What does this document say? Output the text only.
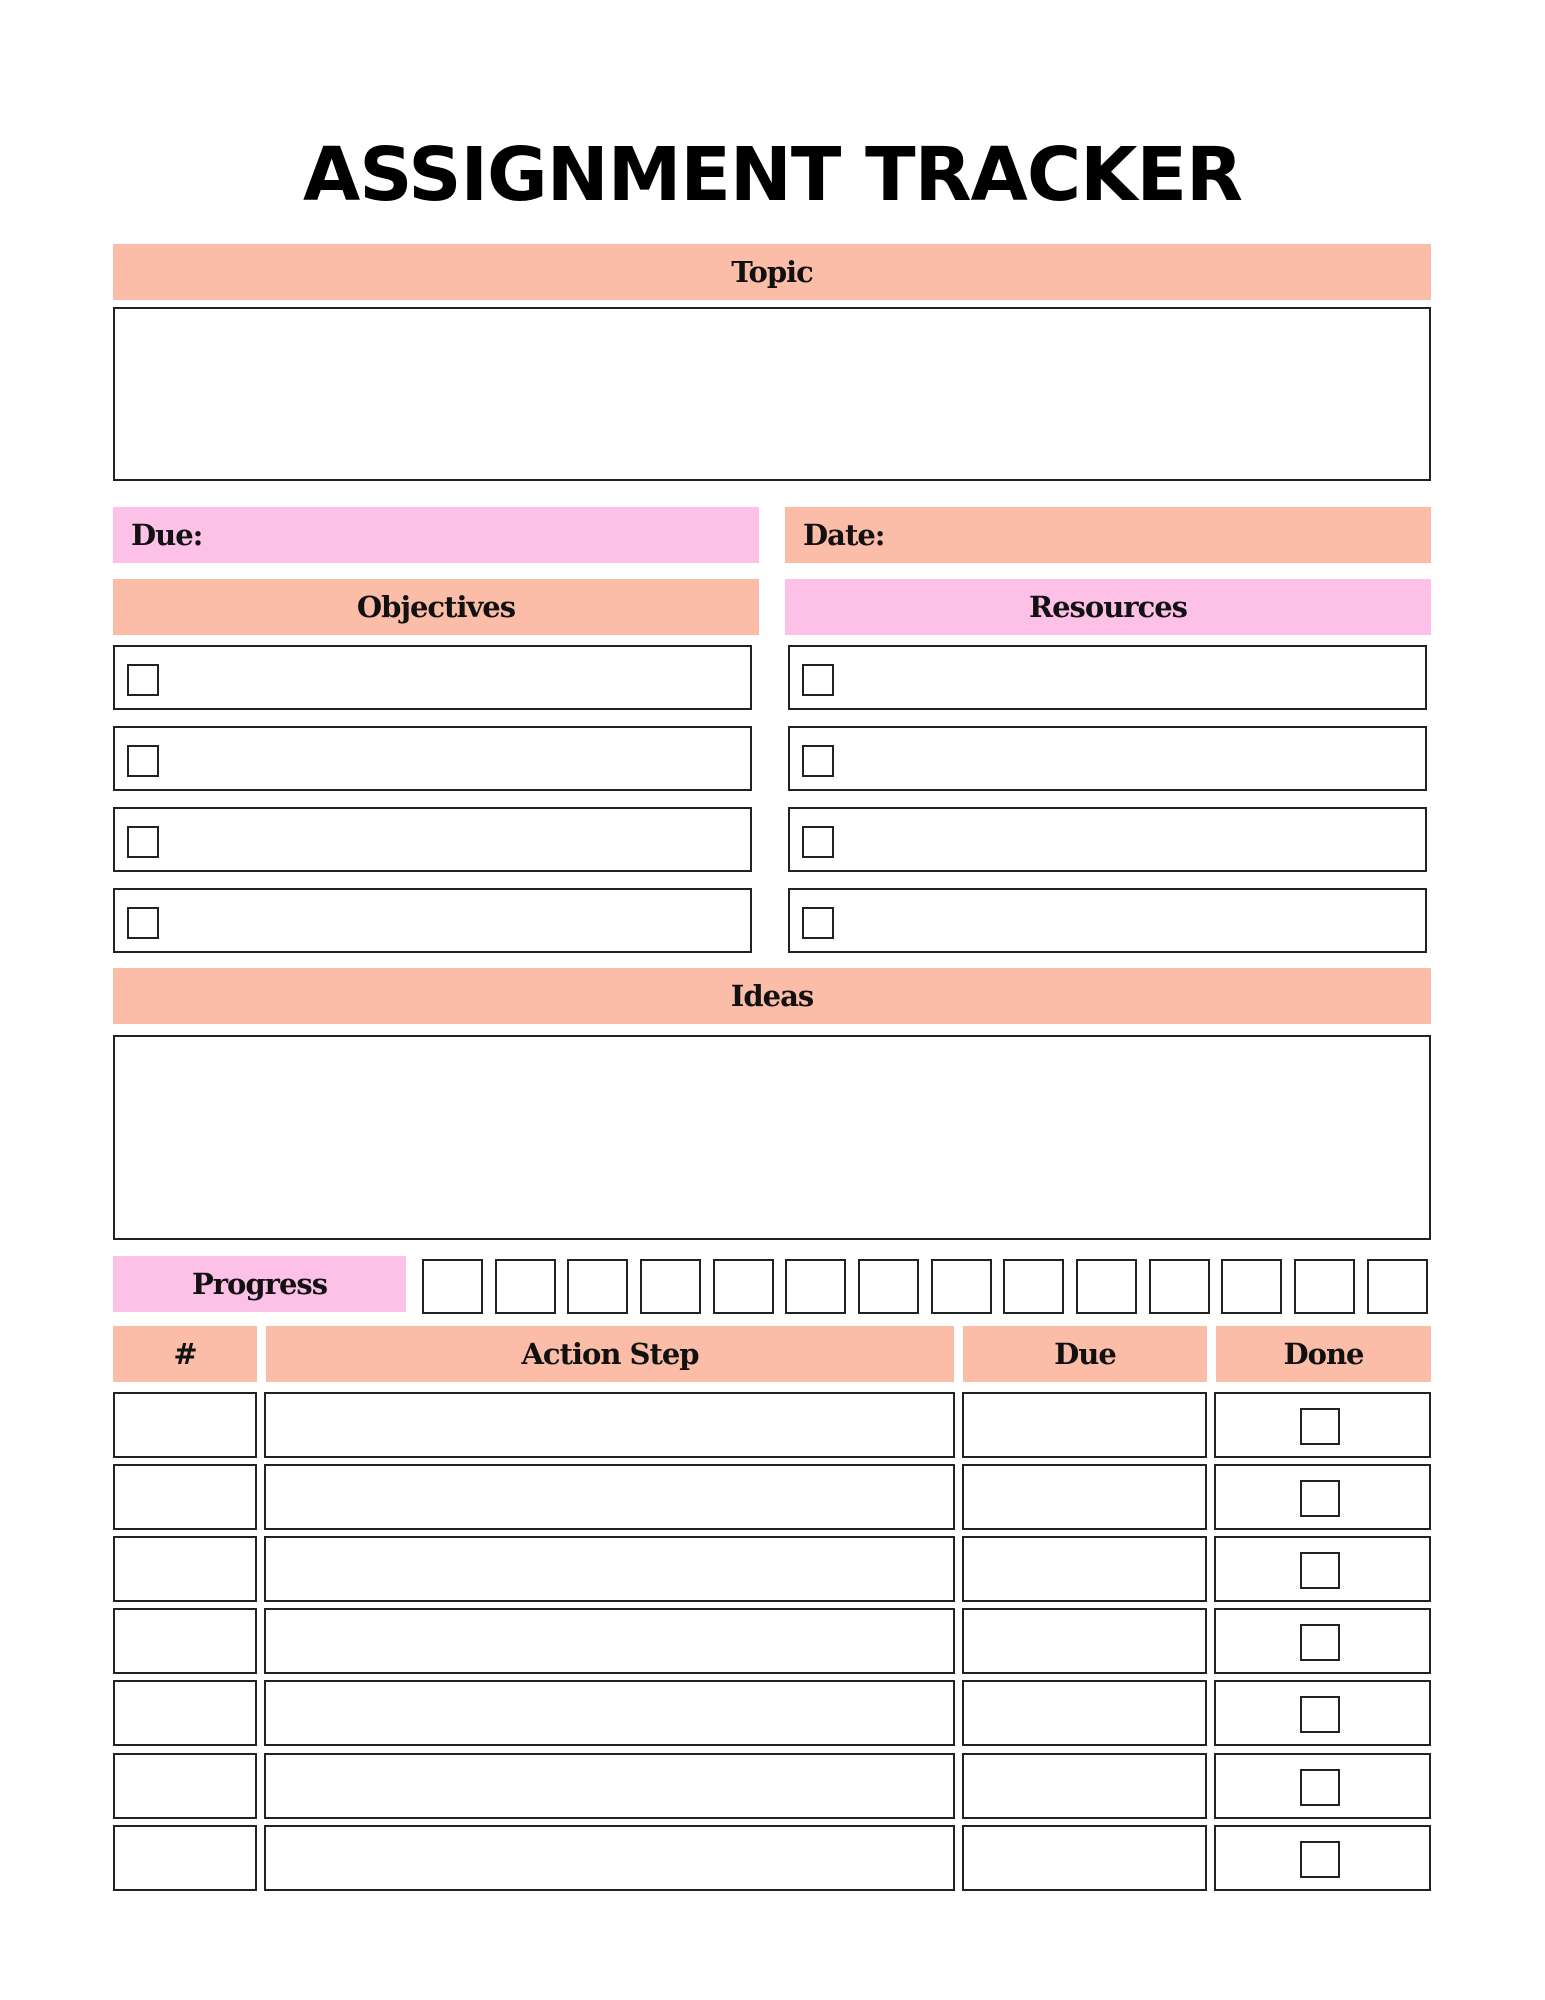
ASSIGNMENT TRACKER
Topic
Due:	Date:
Objectives	Resources
Ideas
Progress
#	Action Step	Due	Done
